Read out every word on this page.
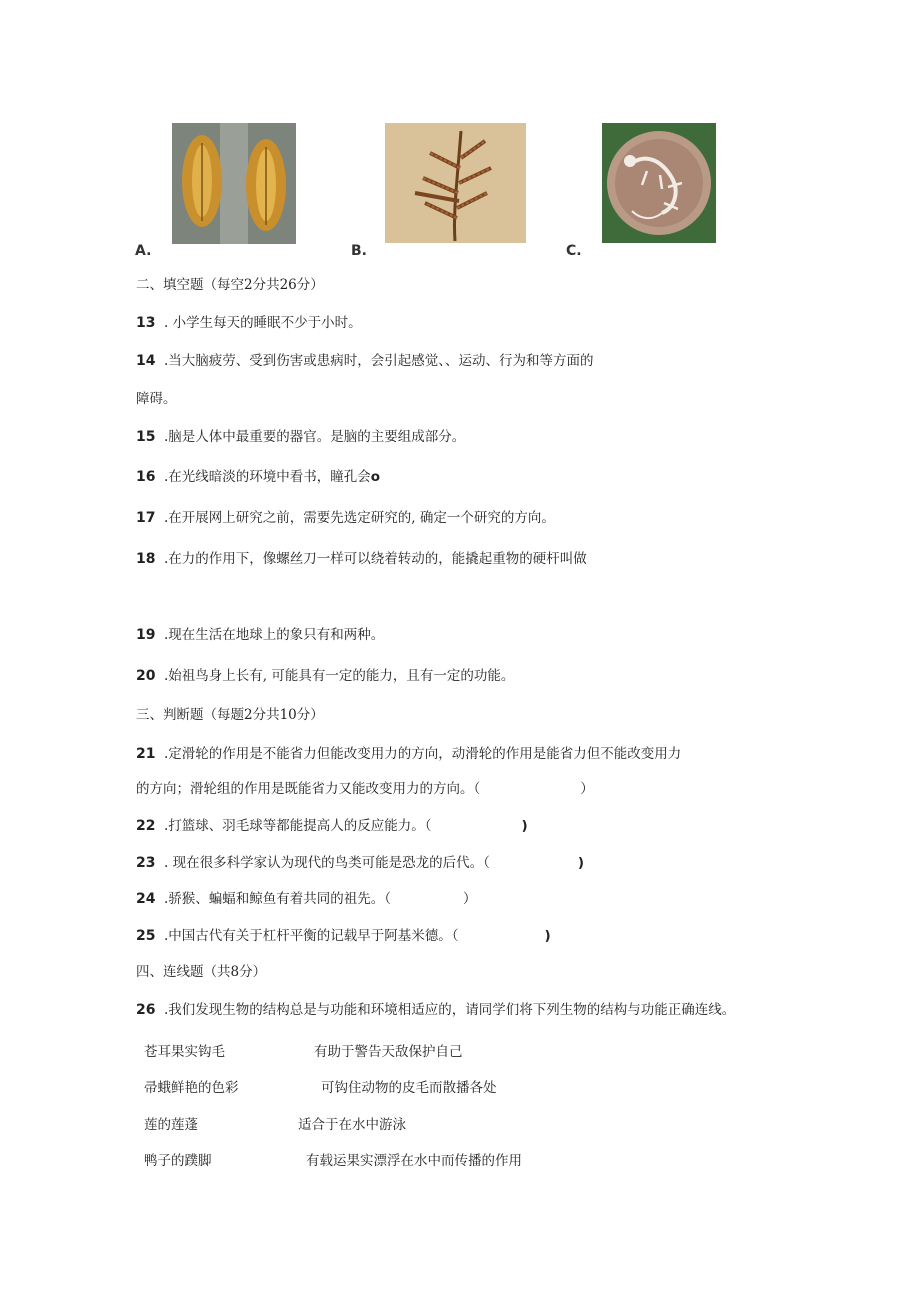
A.	B.	C.
二、填空题（每空2分共26分）
13 . 小学生每天的睡眠不少于小时。
14 .当大脑疲劳、受到伤害或患病时，会引起感觉、、运动、行为和等方面的
障碍。
15 .脑是人体中最重要的器官。是脑的主要组成部分。
16 .在光线暗淡的环境中看书，瞳孔会o
17 .在开展网上研究之前，需要先选定研究的, 确定一个研究的方向。
18 .在力的作用下，像螺丝刀一样可以绕着转动的，能撬起重物的硬杆叫做
19 .现在生活在地球上的象只有和两种。
20 .始祖鸟身上长有, 可能具有一定的能力，且有一定的功能。
三、判断题（每题2分共10分）
21 .定滑轮的作用是不能省力但能改变用力的方向，动滑轮的作用是能省力但不能改变用力
的方向；滑轮组的作用是既能省力又能改变用力的方向。（	）
22 .打篮球、羽毛球等都能提高人的反应能力。（	)
23 . 现在很多科学家认为现代的鸟类可能是恐龙的后代。（	)
24 .骄猴、蝙蝠和鲸鱼有着共同的祖先。（	）
25 .中国古代有关于杠杆平衡的记载早于阿基米德。（	)
四、连线题（共8分）
26 .我们发现生物的结构总是与功能和环境相适应的，请同学们将下列生物的结构与功能正确连线。
苍耳果实钩毛	有助于警告天敌保护自己
帚蛾鲜艳的色彩	可钩住动物的皮毛而散播各处
莲的莲蓬	适合于在水中游泳
鸭子的蹼脚	有载运果实漂浮在水中而传播的作用
